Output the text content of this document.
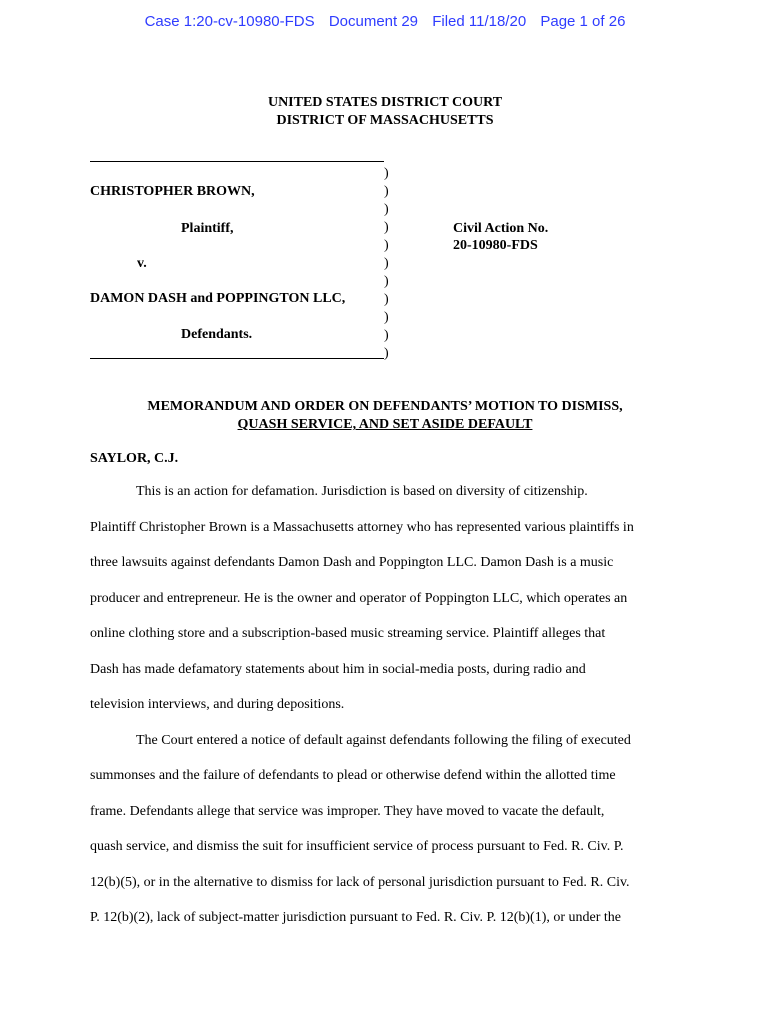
Case 1:20-cv-10980-FDS Document 29 Filed 11/18/20 Page 1 of 26
UNITED STATES DISTRICT COURT
DISTRICT OF MASSACHUSETTS
)
)
)
)
)
)
)
)
)
)
)
CHRISTOPHER BROWN,
Plaintiff,
v.
DAMON DASH and POPPINGTON LLC,
Defendants.
Civil Action No.
20-10980-FDS
MEMORANDUM AND ORDER ON DEFENDANTS’ MOTION TO DISMISS,
QUASH SERVICE, AND SET ASIDE DEFAULT
SAYLOR, C.J.
This is an action for defamation. Jurisdiction is based on diversity of citizenship.
Plaintiff Christopher Brown is a Massachusetts attorney who has represented various plaintiffs in
three lawsuits against defendants Damon Dash and Poppington LLC. Damon Dash is a music
producer and entrepreneur. He is the owner and operator of Poppington LLC, which operates an
online clothing store and a subscription-based music streaming service. Plaintiff alleges that
Dash has made defamatory statements about him in social-media posts, during radio and
television interviews, and during depositions.
The Court entered a notice of default against defendants following the filing of executed
summonses and the failure of defendants to plead or otherwise defend within the allotted time
frame. Defendants allege that service was improper. They have moved to vacate the default,
quash service, and dismiss the suit for insufficient service of process pursuant to Fed. R. Civ. P.
12(b)(5), or in the alternative to dismiss for lack of personal jurisdiction pursuant to Fed. R. Civ.
P. 12(b)(2), lack of subject-matter jurisdiction pursuant to Fed. R. Civ. P. 12(b)(1), or under the
